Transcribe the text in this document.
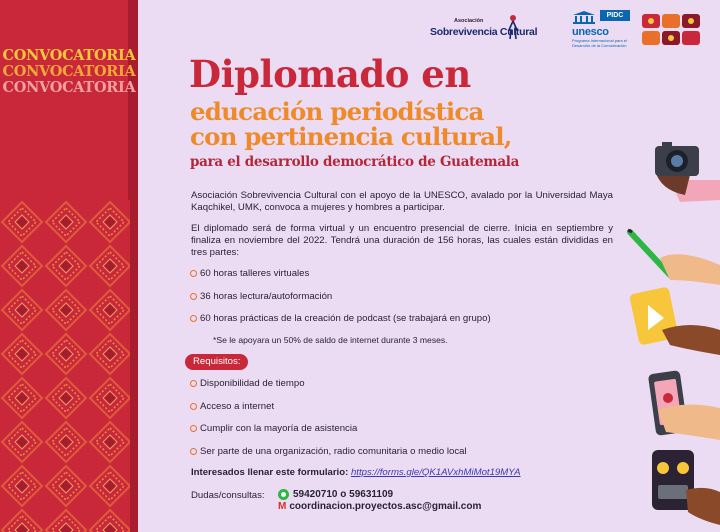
CONVOCATORIA
CONVOCATORIA
CONVOCATORIA
Asociación
Sobrevivencia Cultural
PIDC
unesco
Programa Internacional para el Desarrollo de la Comunicación
Diplomado en
educación periodística
con pertinencia cultural,
para el desarrollo democrático de Guatemala
Asociación Sobrevivencia Cultural con el apoyo de la UNESCO, avalado por la Universidad Maya Kaqchikel, UMK, convoca a mujeres y hombres a participar.
El diplomado será de forma virtual y un encuentro presencial de cierre. Inicia en septiembre y finaliza en noviembre del 2022. Tendrá una duración de 156 horas, las cuales están divididas en tres partes:
60 horas talleres virtuales
36 horas lectura/autoformación
60 horas prácticas de la creación de podcast (se trabajará en grupo)
*Se le apoyara un 50% de saldo de internet durante 3 meses.
Requisitos:
Disponibilidad de tiempo
Acceso a internet
Cumplir con la mayoría de asistencia
Ser parte de una organización, radio comunitaria o medio local
Interesados llenar este formulario: https://forms.gle/QK1AVxhMiMot19MYA
Dudas/consultas:	59420710 o 59631109
M coordinacion.proyectos.asc@gmail.com
